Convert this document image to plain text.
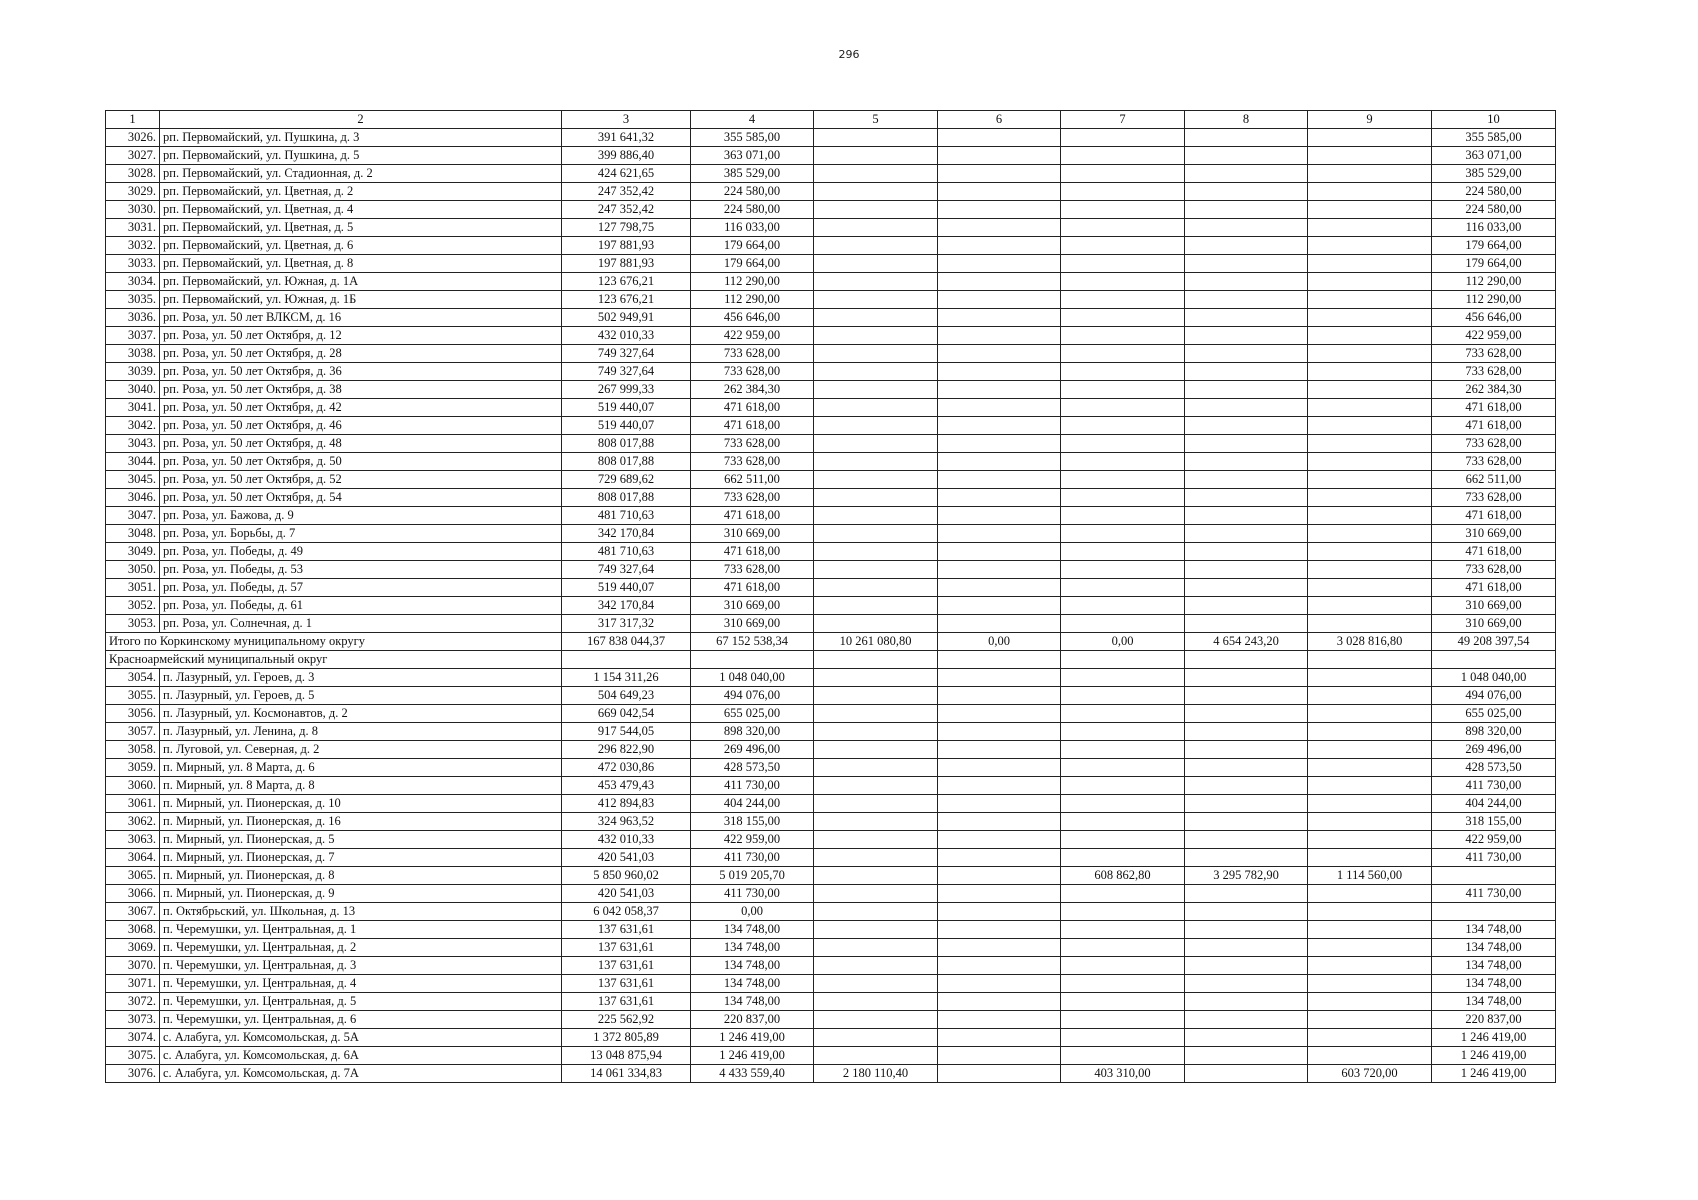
296
1	2	3	4	5	6	7	8	9	10
3026.	рп. Первомайский, ул. Пушкина, д. 3	391 641,32	355 585,00						355 585,00
3027.	рп. Первомайский, ул. Пушкина, д. 5	399 886,40	363 071,00						363 071,00
3028.	рп. Первомайский, ул. Стадионная, д. 2	424 621,65	385 529,00						385 529,00
3029.	рп. Первомайский, ул. Цветная, д. 2	247 352,42	224 580,00						224 580,00
3030.	рп. Первомайский, ул. Цветная, д. 4	247 352,42	224 580,00						224 580,00
3031.	рп. Первомайский, ул. Цветная, д. 5	127 798,75	116 033,00						116 033,00
3032.	рп. Первомайский, ул. Цветная, д. 6	197 881,93	179 664,00						179 664,00
3033.	рп. Первомайский, ул. Цветная, д. 8	197 881,93	179 664,00						179 664,00
3034.	рп. Первомайский, ул. Южная, д. 1А	123 676,21	112 290,00						112 290,00
3035.	рп. Первомайский, ул. Южная, д. 1Б	123 676,21	112 290,00						112 290,00
3036.	рп. Роза, ул. 50 лет ВЛКСМ, д. 16	502 949,91	456 646,00						456 646,00
3037.	рп. Роза, ул. 50 лет Октября, д. 12	432 010,33	422 959,00						422 959,00
3038.	рп. Роза, ул. 50 лет Октября, д. 28	749 327,64	733 628,00						733 628,00
3039.	рп. Роза, ул. 50 лет Октября, д. 36	749 327,64	733 628,00						733 628,00
3040.	рп. Роза, ул. 50 лет Октября, д. 38	267 999,33	262 384,30						262 384,30
3041.	рп. Роза, ул. 50 лет Октября, д. 42	519 440,07	471 618,00						471 618,00
3042.	рп. Роза, ул. 50 лет Октября, д. 46	519 440,07	471 618,00						471 618,00
3043.	рп. Роза, ул. 50 лет Октября, д. 48	808 017,88	733 628,00						733 628,00
3044.	рп. Роза, ул. 50 лет Октября, д. 50	808 017,88	733 628,00						733 628,00
3045.	рп. Роза, ул. 50 лет Октября, д. 52	729 689,62	662 511,00						662 511,00
3046.	рп. Роза, ул. 50 лет Октября, д. 54	808 017,88	733 628,00						733 628,00
3047.	рп. Роза, ул. Бажова, д. 9	481 710,63	471 618,00						471 618,00
3048.	рп. Роза, ул. Борьбы, д. 7	342 170,84	310 669,00						310 669,00
3049.	рп. Роза, ул. Победы, д. 49	481 710,63	471 618,00						471 618,00
3050.	рп. Роза, ул. Победы, д. 53	749 327,64	733 628,00						733 628,00
3051.	рп. Роза, ул. Победы, д. 57	519 440,07	471 618,00						471 618,00
3052.	рп. Роза, ул. Победы, д. 61	342 170,84	310 669,00						310 669,00
3053.	рп. Роза, ул. Солнечная, д. 1	317 317,32	310 669,00						310 669,00
Итого по Коркинскому муниципальному округу		167 838 044,37	67 152 538,34	10 261 080,80	0,00	0,00	4 654 243,20	3 028 816,80	49 208 397,54
Красноармейский муниципальный округ									
3054.	п. Лазурный, ул. Героев, д. 3	1 154 311,26	1 048 040,00						1 048 040,00
3055.	п. Лазурный, ул. Героев, д. 5	504 649,23	494 076,00						494 076,00
3056.	п. Лазурный, ул. Космонавтов, д. 2	669 042,54	655 025,00						655 025,00
3057.	п. Лазурный, ул. Ленина, д. 8	917 544,05	898 320,00						898 320,00
3058.	п. Луговой, ул. Северная, д. 2	296 822,90	269 496,00						269 496,00
3059.	п. Мирный, ул. 8 Марта, д. 6	472 030,86	428 573,50						428 573,50
3060.	п. Мирный, ул. 8 Марта, д. 8	453 479,43	411 730,00						411 730,00
3061.	п. Мирный, ул. Пионерская, д. 10	412 894,83	404 244,00						404 244,00
3062.	п. Мирный, ул. Пионерская, д. 16	324 963,52	318 155,00						318 155,00
3063.	п. Мирный, ул. Пионерская, д. 5	432 010,33	422 959,00						422 959,00
3064.	п. Мирный, ул. Пионерская, д. 7	420 541,03	411 730,00						411 730,00
3065.	п. Мирный, ул. Пионерская, д. 8	5 850 960,02	5 019 205,70			608 862,80	3 295 782,90	1 114 560,00	
3066.	п. Мирный, ул. Пионерская, д. 9	420 541,03	411 730,00						411 730,00
3067.	п. Октябрьский, ул. Школьная, д. 13	6 042 058,37	0,00						
3068.	п. Черемушки, ул. Центральная, д. 1	137 631,61	134 748,00						134 748,00
3069.	п. Черемушки, ул. Центральная, д. 2	137 631,61	134 748,00						134 748,00
3070.	п. Черемушки, ул. Центральная, д. 3	137 631,61	134 748,00						134 748,00
3071.	п. Черемушки, ул. Центральная, д. 4	137 631,61	134 748,00						134 748,00
3072.	п. Черемушки, ул. Центральная, д. 5	137 631,61	134 748,00						134 748,00
3073.	п. Черемушки, ул. Центральная, д. 6	225 562,92	220 837,00						220 837,00
3074.	с. Алабуга, ул. Комсомольская, д. 5А	1 372 805,89	1 246 419,00						1 246 419,00
3075.	с. Алабуга, ул. Комсомольская, д. 6А	13 048 875,94	1 246 419,00						1 246 419,00
3076.	с. Алабуга, ул. Комсомольская, д. 7А	14 061 334,83	4 433 559,40	2 180 110,40		403 310,00		603 720,00	1 246 419,00
